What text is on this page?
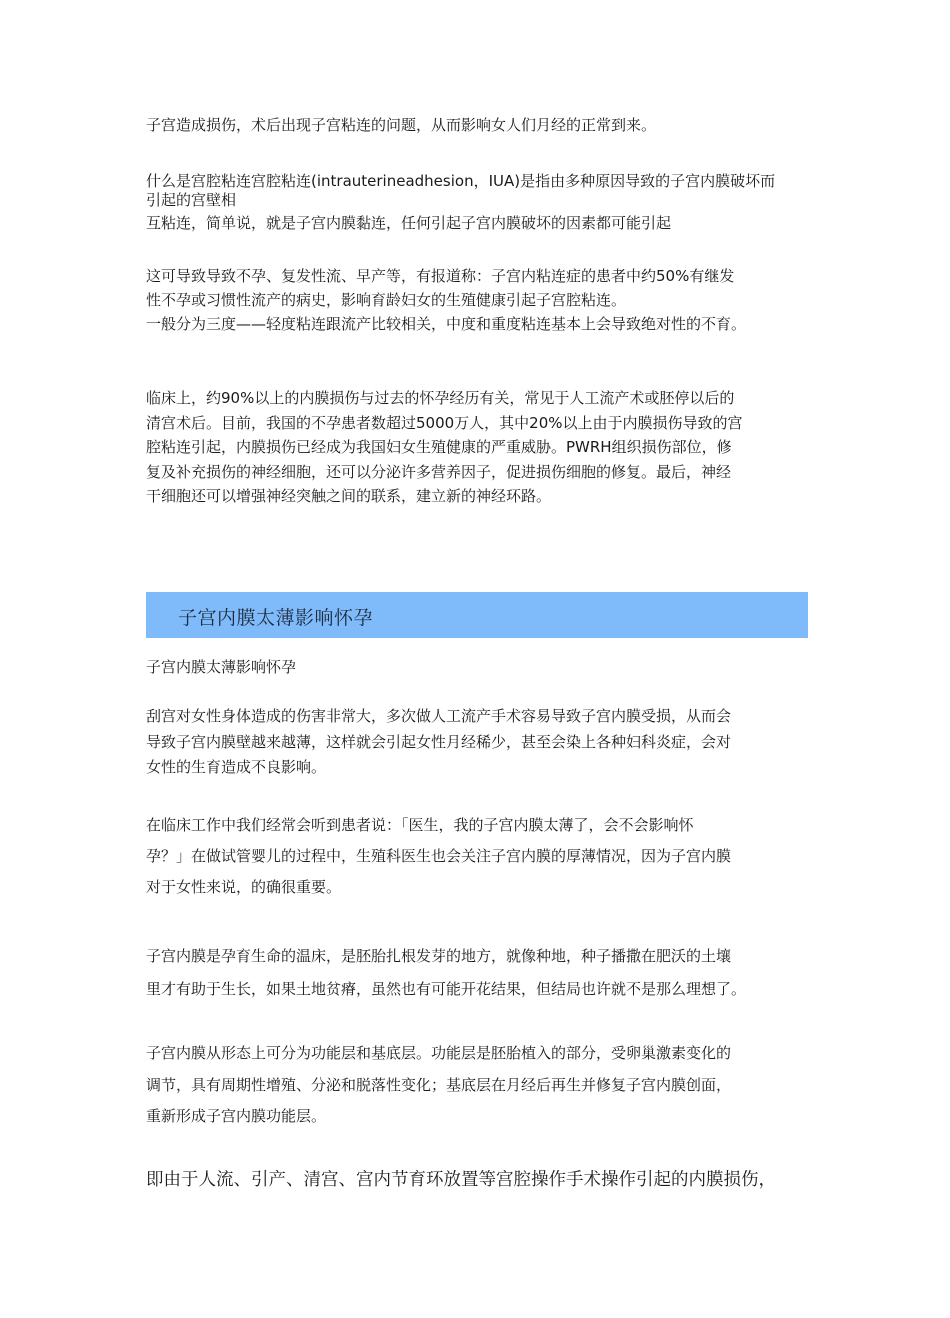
子宫造成损伤，术后出现子宫粘连的问题，从而影响女人们月经的正常到来。

什么是宫腔粘连宫腔粘连(intrauterineadhesion，IUA)是指由多种原因导致的子宫内膜破坏而

引起的宫壁相

互粘连，简单说，就是子宫内膜黏连，任何引起子宫内膜破坏的因素都可能引起

这可导致导致不孕、复发性流、早产等，有报道称：子宫内粘连症的患者中约50%有继发

性不孕或习惯性流产的病史，影响育龄妇女的生殖健康引起子宫腔粘连。

一般分为三度——轻度粘连跟流产比较相关，中度和重度粘连基本上会导致绝对性的不育。

临床上，约90%以上的内膜损伤与过去的怀孕经历有关，常见于人工流产术或胚停以后的

清宫术后。目前，我国的不孕患者数超过5000万人，其中20%以上由于内膜损伤导致的宫

腔粘连引起，内膜损伤已经成为我国妇女生殖健康的严重威胁。PWRH组织损伤部位，修

复及补充损伤的神经细胞，还可以分泌许多营养因子，促进损伤细胞的修复。最后，神经

干细胞还可以增强神经突触之间的联系，建立新的神经环路。

子宫内膜太薄影响怀孕

子宫内膜太薄影响怀孕

刮宫对女性身体造成的伤害非常大，多次做人工流产手术容易导致子宫内膜受损，从而会

导致子宫内膜壁越来越薄，这样就会引起女性月经稀少，甚至会染上各种妇科炎症，会对

女性的生育造成不良影响。

在临床工作中我们经常会听到患者说：「医生，我的子宫内膜太薄了，会不会影响怀

孕？」在做试管婴儿的过程中，生殖科医生也会关注子宫内膜的厚薄情况，因为子宫内膜

对于女性来说，的确很重要。

子宫内膜是孕育生命的温床，是胚胎扎根发芽的地方，就像种地，种子播撒在肥沃的土壤

里才有助于生长，如果土地贫瘠，虽然也有可能开花结果，但结局也许就不是那么理想了。

子宫内膜从形态上可分为功能层和基底层。功能层是胚胎植入的部分，受卵巢激素变化的

调节，具有周期性增殖、分泌和脱落性变化；基底层在月经后再生并修复子宫内膜创面，

重新形成子宫内膜功能层。

即由于人流、引产、清宫、宫内节育环放置等宫腔操作手术操作引起的内膜损伤，
